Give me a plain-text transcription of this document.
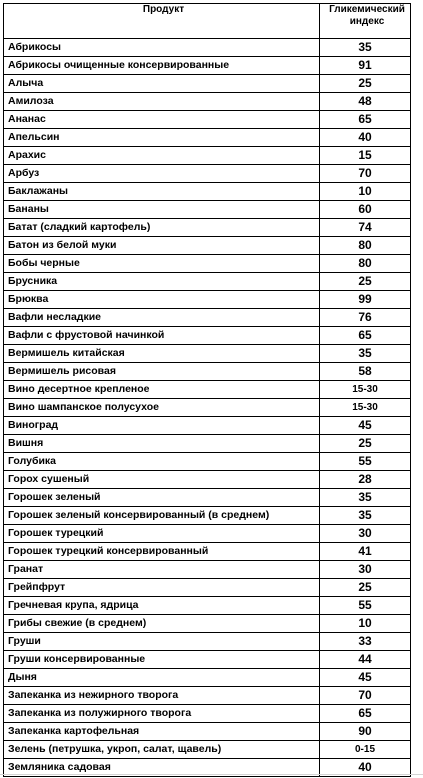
Продукт	Гликемический индекс
Абрикосы	35
Абрикосы очищенные консервированные	91
Алыча	25
Амилоза	48
Ананас	65
Апельсин	40
Арахис	15
Арбуз	70
Баклажаны	10
Бананы	60
Батат (сладкий картофель)	74
Батон из белой муки	80
Бобы черные	80
Брусника	25
Брюква	99
Вафли несладкие	76
Вафли с фрустовой начинкой	65
Вермишель китайская	35
Вермишель рисовая	58
Вино десертное крепленое	15-30
Вино шампанское полусухое	15-30
Виноград	45
Вишня	25
Голубика	55
Горох сушеный	28
Горошек зеленый	35
Горошек зеленый консервированный (в среднем)	35
Горошек турецкий	30
Горошек турецкий консервированный	41
Гранат	30
Грейпфрут	25
Гречневая крупа, ядрица	55
Грибы свежие (в среднем)	10
Груши	33
Груши консервированные	44
Дыня	45
Запеканка из нежирного творога	70
Запеканка из полужирного творога	65
Запеканка картофельная	90
Зелень (петрушка, укроп, салат, щавель)	0-15
Земляника садовая	40
